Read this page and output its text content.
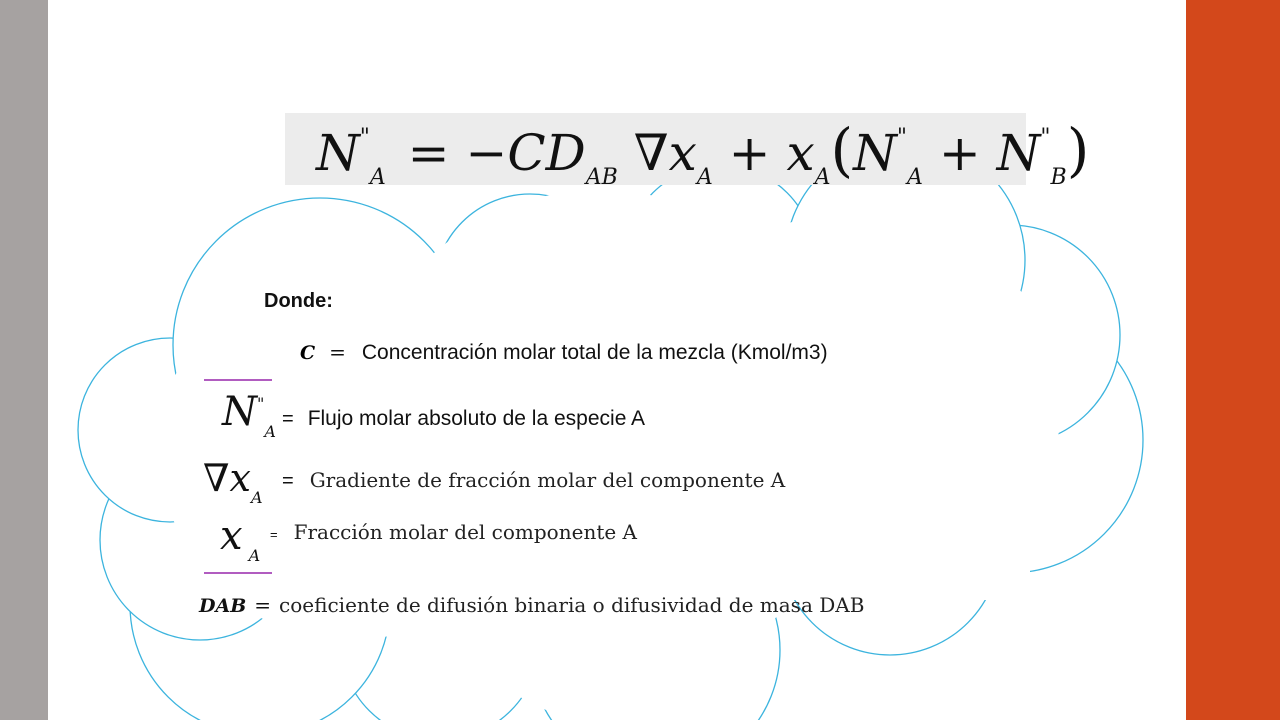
$N^"_A = -CD_{AB}$ $\nabla x_A + x_A(N^"_A + N^"_B)$
Donde:
C = Concentración molar total de la mezcla (Kmol/m3)
$N^"_A$
= Flujo molar absoluto de la especie A
$\nabla x_A$
= Gradiente de fracción molar del componente A
x $_A$
= Fracción molar del componente A
DAB = coeficiente de difusión binaria o difusividad de masa DAB
